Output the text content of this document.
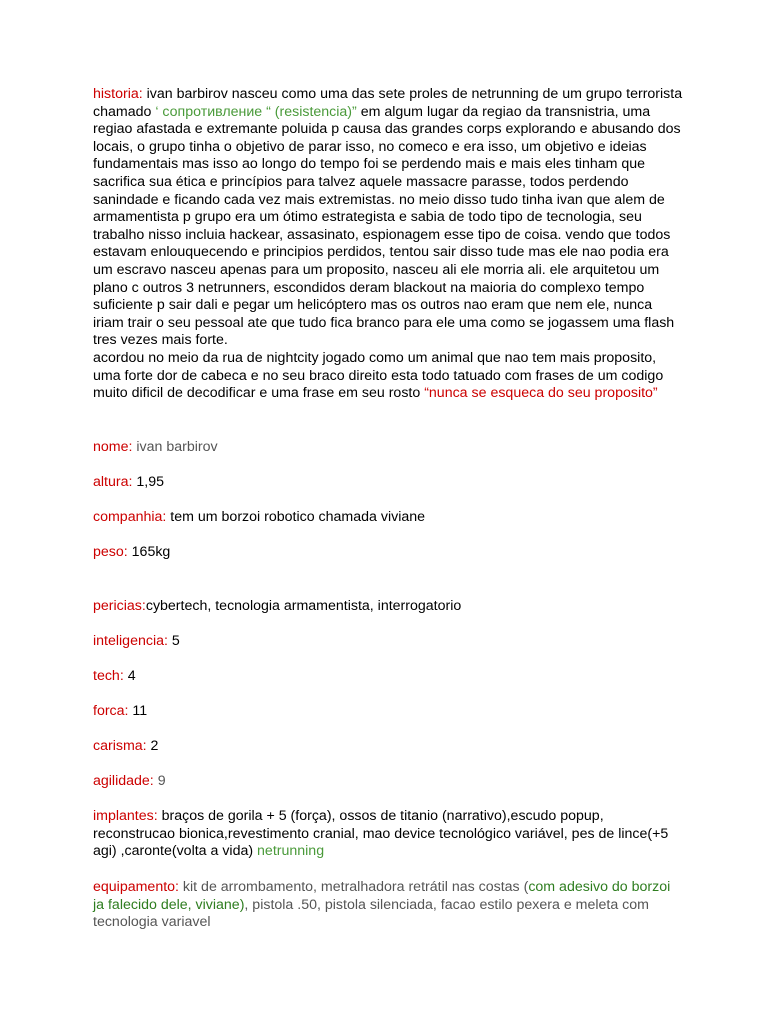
historia: ivan barbirov nasceu como uma das sete proles de netrunning de um grupo terrorista chamado ‘ сопротивление “ (resistencia)” em algum lugar da regiao da transnistria, uma regiao afastada e extremante poluida p causa das grandes corps explorando e abusando dos locais, o grupo tinha o objetivo de parar isso, no comeco e era isso, um objetivo e ideias fundamentais mas isso ao longo do tempo foi se perdendo mais e mais eles tinham que sacrifica sua ética e princípios para talvez aquele massacre parasse, todos perdendo sanindade e ficando cada vez mais extremistas. no meio disso tudo tinha ivan que alem de armamentista p grupo era um ótimo estrategista e sabia de todo tipo de tecnologia, seu trabalho nisso incluia hackear, assasinato, espionagem esse tipo de coisa. vendo que todos estavam enlouquecendo e principios perdidos, tentou sair disso tude mas ele nao podia era um escravo nasceu apenas para um proposito, nasceu ali ele morria ali. ele arquitetou um plano c outros 3 netrunners, escondidos deram blackout na maioria do complexo tempo suficiente p sair dali e pegar um helicóptero mas os outros nao eram que nem ele, nunca iriam trair o seu pessoal ate que tudo fica branco para ele uma como se jogassem uma flash tres vezes mais forte.

acordou no meio da rua de nightcity jogado como um animal que nao tem mais proposito, uma forte dor de cabeca e no seu braco direito esta todo tatuado com frases de um codigo muito dificil de decodificar e uma frase em seu rosto “nunca se esqueca do seu proposito”

nome: ivan barbirov

altura: 1,95

companhia: tem um borzoi robotico chamada viviane

peso: 165kg

pericias:cybertech, tecnologia armamentista, interrogatorio

inteligencia: 5

tech: 4

forca: 11

carisma: 2

agilidade: 9

implantes: braços de gorila + 5 (força), ossos de titanio (narrativo),escudo popup, reconstrucao bionica,revestimento cranial, mao device tecnológico variável, pes de lince(+5 agi) ,caronte(volta a vida) netrunning

equipamento: kit de arrombamento, metralhadora retrátil nas costas (com adesivo do borzoi ja falecido dele, viviane), pistola .50, pistola silenciada, facao estilo pexera e meleta com tecnologia variavel
